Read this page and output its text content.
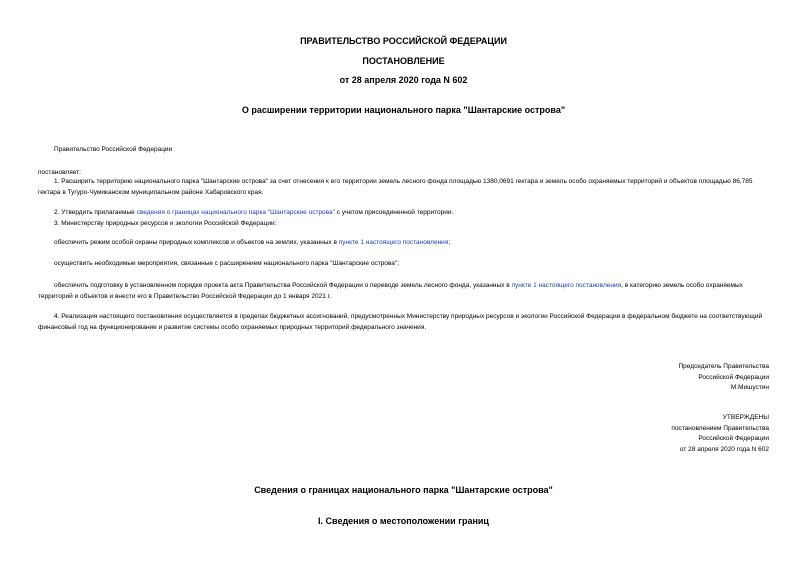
ПРАВИТЕЛЬСТВО РОССИЙСКОЙ ФЕДЕРАЦИИ
ПОСТАНОВЛЕНИЕ
от 28 апреля 2020 года N 602
О расширении территории национального парка "Шантарские острова"
Правительство Российской Федерации
постановляет:
1. Расширить территорию национального парка "Шантарские острова" за счет отнесения к его территории земель лесного фонда площадью 1380,0691 гектара и земель особо охраняемых территорий и объектов площадью 86,785 гектара в Тугуро-Чумиканском муниципальном районе Хабаровского края.
2. Утвердить прилагаемые сведения о границах национального парка "Шантарские острова" с учетом присоединенной территории.
3. Министерству природных ресурсов и экологии Российской Федерации:
обеспечить режим особой охраны природных комплексов и объектов на землях, указанных в пункте 1 настоящего постановления;
осуществить необходимые мероприятия, связанные с расширением национального парка "Шантарские острова";
обеспечить подготовку в установленном порядке проекта акта Правительства Российской Федерации о переводе земель лесного фонда, указанных в пункте 1 настоящего постановления, в категорию земель особо охраняемых территорий и объектов и внести его в Правительство Российской Федерации до 1 января 2021 г.
4. Реализация настоящего постановления осуществляется в пределах бюджетных ассигнований, предусмотренных Министерству природных ресурсов и экологии Российской Федерации в федеральном бюджете на соответствующий финансовый год на функционирование и развитие системы особо охраняемых природных территорий федерального значения.
Председатель Правительства
Российской Федерации
М.Мишустин
УТВЕРЖДЕНЫ
постановлением Правительства
Российской Федерации
от 28 апреля 2020 года N 602
Сведения о границах национального парка "Шантарские острова"
I. Сведения о местоположении границ
